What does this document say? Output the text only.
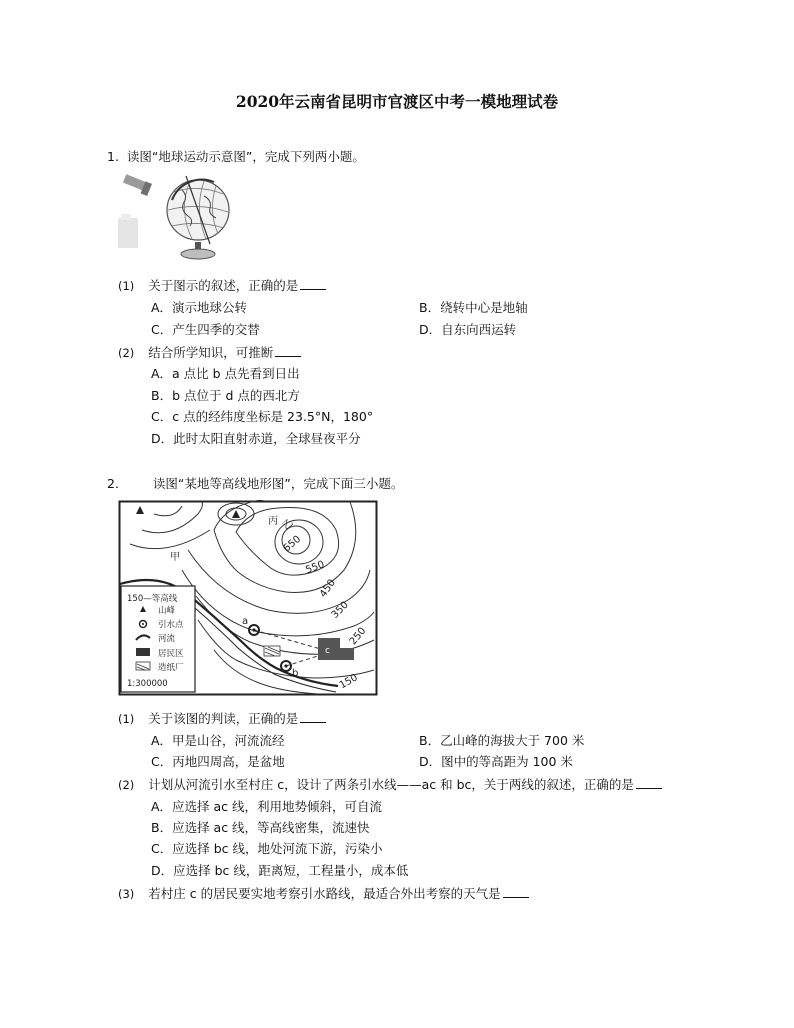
2020年云南省昆明市官渡区中考一模地理试卷
1. 读图“地球运动示意图”，完成下列两小题。
(1) 关于图示的叙述，正确的是
A．演示地球公转	B．绕转中心是地轴
C．产生四季的交替	D．自东向西运转
(2) 结合所学知识，可推断
A．a 点比 b 点先看到日出
B．b 点位于 d 点的西北方
C．c 点的经纬度坐标是 23.5°N，180°
D．此时太阳直射赤道，全球昼夜平分
2.	读图“某地等高线地形图”，完成下面三小题。
650
550
450
350
250
150
甲
乙
丙
a
b
c
150—等高线
山峰
引水点
河流
居民区
造纸厂
1:300000
(1) 关于该图的判读，正确的是
A．甲是山谷，河流流经	B．乙山峰的海拔大于 700 米
C．丙地四周高，是盆地	D．图中的等高距为 100 米
(2) 计划从河流引水至村庄 c，设计了两条引水线——ac 和 bc，关于两线的叙述，正确的是
A．应选择 ac 线，利用地势倾斜，可自流
B．应选择 ac 线，等高线密集，流速快
C．应选择 bc 线，地处河流下游，污染小
D．应选择 bc 线，距离短，工程量小，成本低
(3) 若村庄 c 的居民要实地考察引水路线，最适合外出考察的天气是
